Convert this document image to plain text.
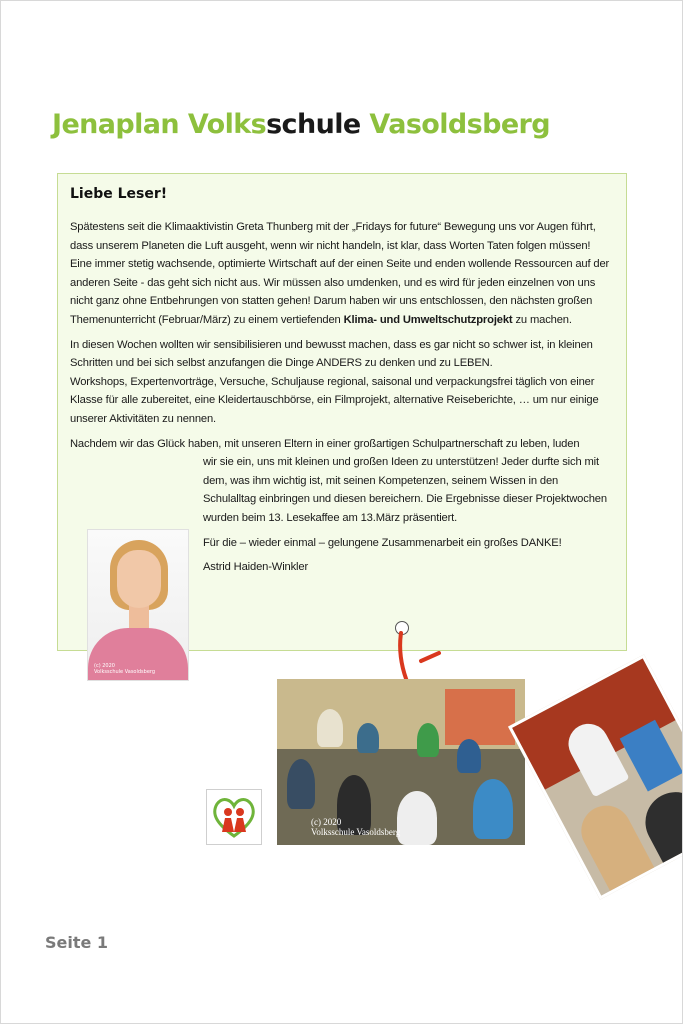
Jenaplan Volksschule Vasoldsberg
Liebe Leser!

Spätestens seit die Klimaaktivistin Greta Thunberg mit der „Fridays for future“ Bewegung uns vor Augen führt, dass unserem Planeten die Luft ausgeht, wenn wir nicht handeln, ist klar, dass Worten Taten folgen müssen!
Eine immer stetig wachsende, optimierte Wirtschaft auf der einen Seite und enden wollende Ressourcen auf der anderen Seite - das geht sich nicht aus. Wir müssen also umdenken, und es wird für jeden einzelnen von uns nicht ganz ohne Entbehrungen von statten gehen! Darum haben wir uns entschlossen, den nächsten großen Themenunterricht (Februar/März) zu einem vertiefenden Klima- und Umweltschutzprojekt zu machen.

In diesen Wochen wollten wir sensibilisieren und bewusst machen, dass es gar nicht so schwer ist, in kleinen Schritten und bei sich selbst anzufangen die Dinge ANDERS zu denken und zu LEBEN.
Workshops, Expertenvorträge, Versuche, Schuljause regional, saisonal und verpackungsfrei täglich von einer Klasse für alle zubereitet, eine Kleidertauschbörse, ein Filmprojekt, alternative Reiseberichte, … um nur einige unserer Aktivitäten zu nennen.

Nachdem wir das Glück haben, mit unseren Eltern in einer großartigen Schulpartnerschaft zu leben, luden

wir sie ein, uns mit kleinen und großen Ideen zu unterstützen! Jeder durfte sich mit dem, was ihm wichtig ist, mit seinen Kompetenzen, seinem Wissen in den Schulalltag einbringen und diesen bereichern. Die Ergebnisse dieser Projektwochen wurden beim 13. Lesekaffee am 13.März präsentiert.

Für die – wieder einmal – gelungene Zusammenarbeit ein großes DANKE!

Astrid Haiden-Winkler

(c) 2020
Volksschule Vasoldsberg
(c) 2020
Volksschule Vasoldsberg
Seite 1
